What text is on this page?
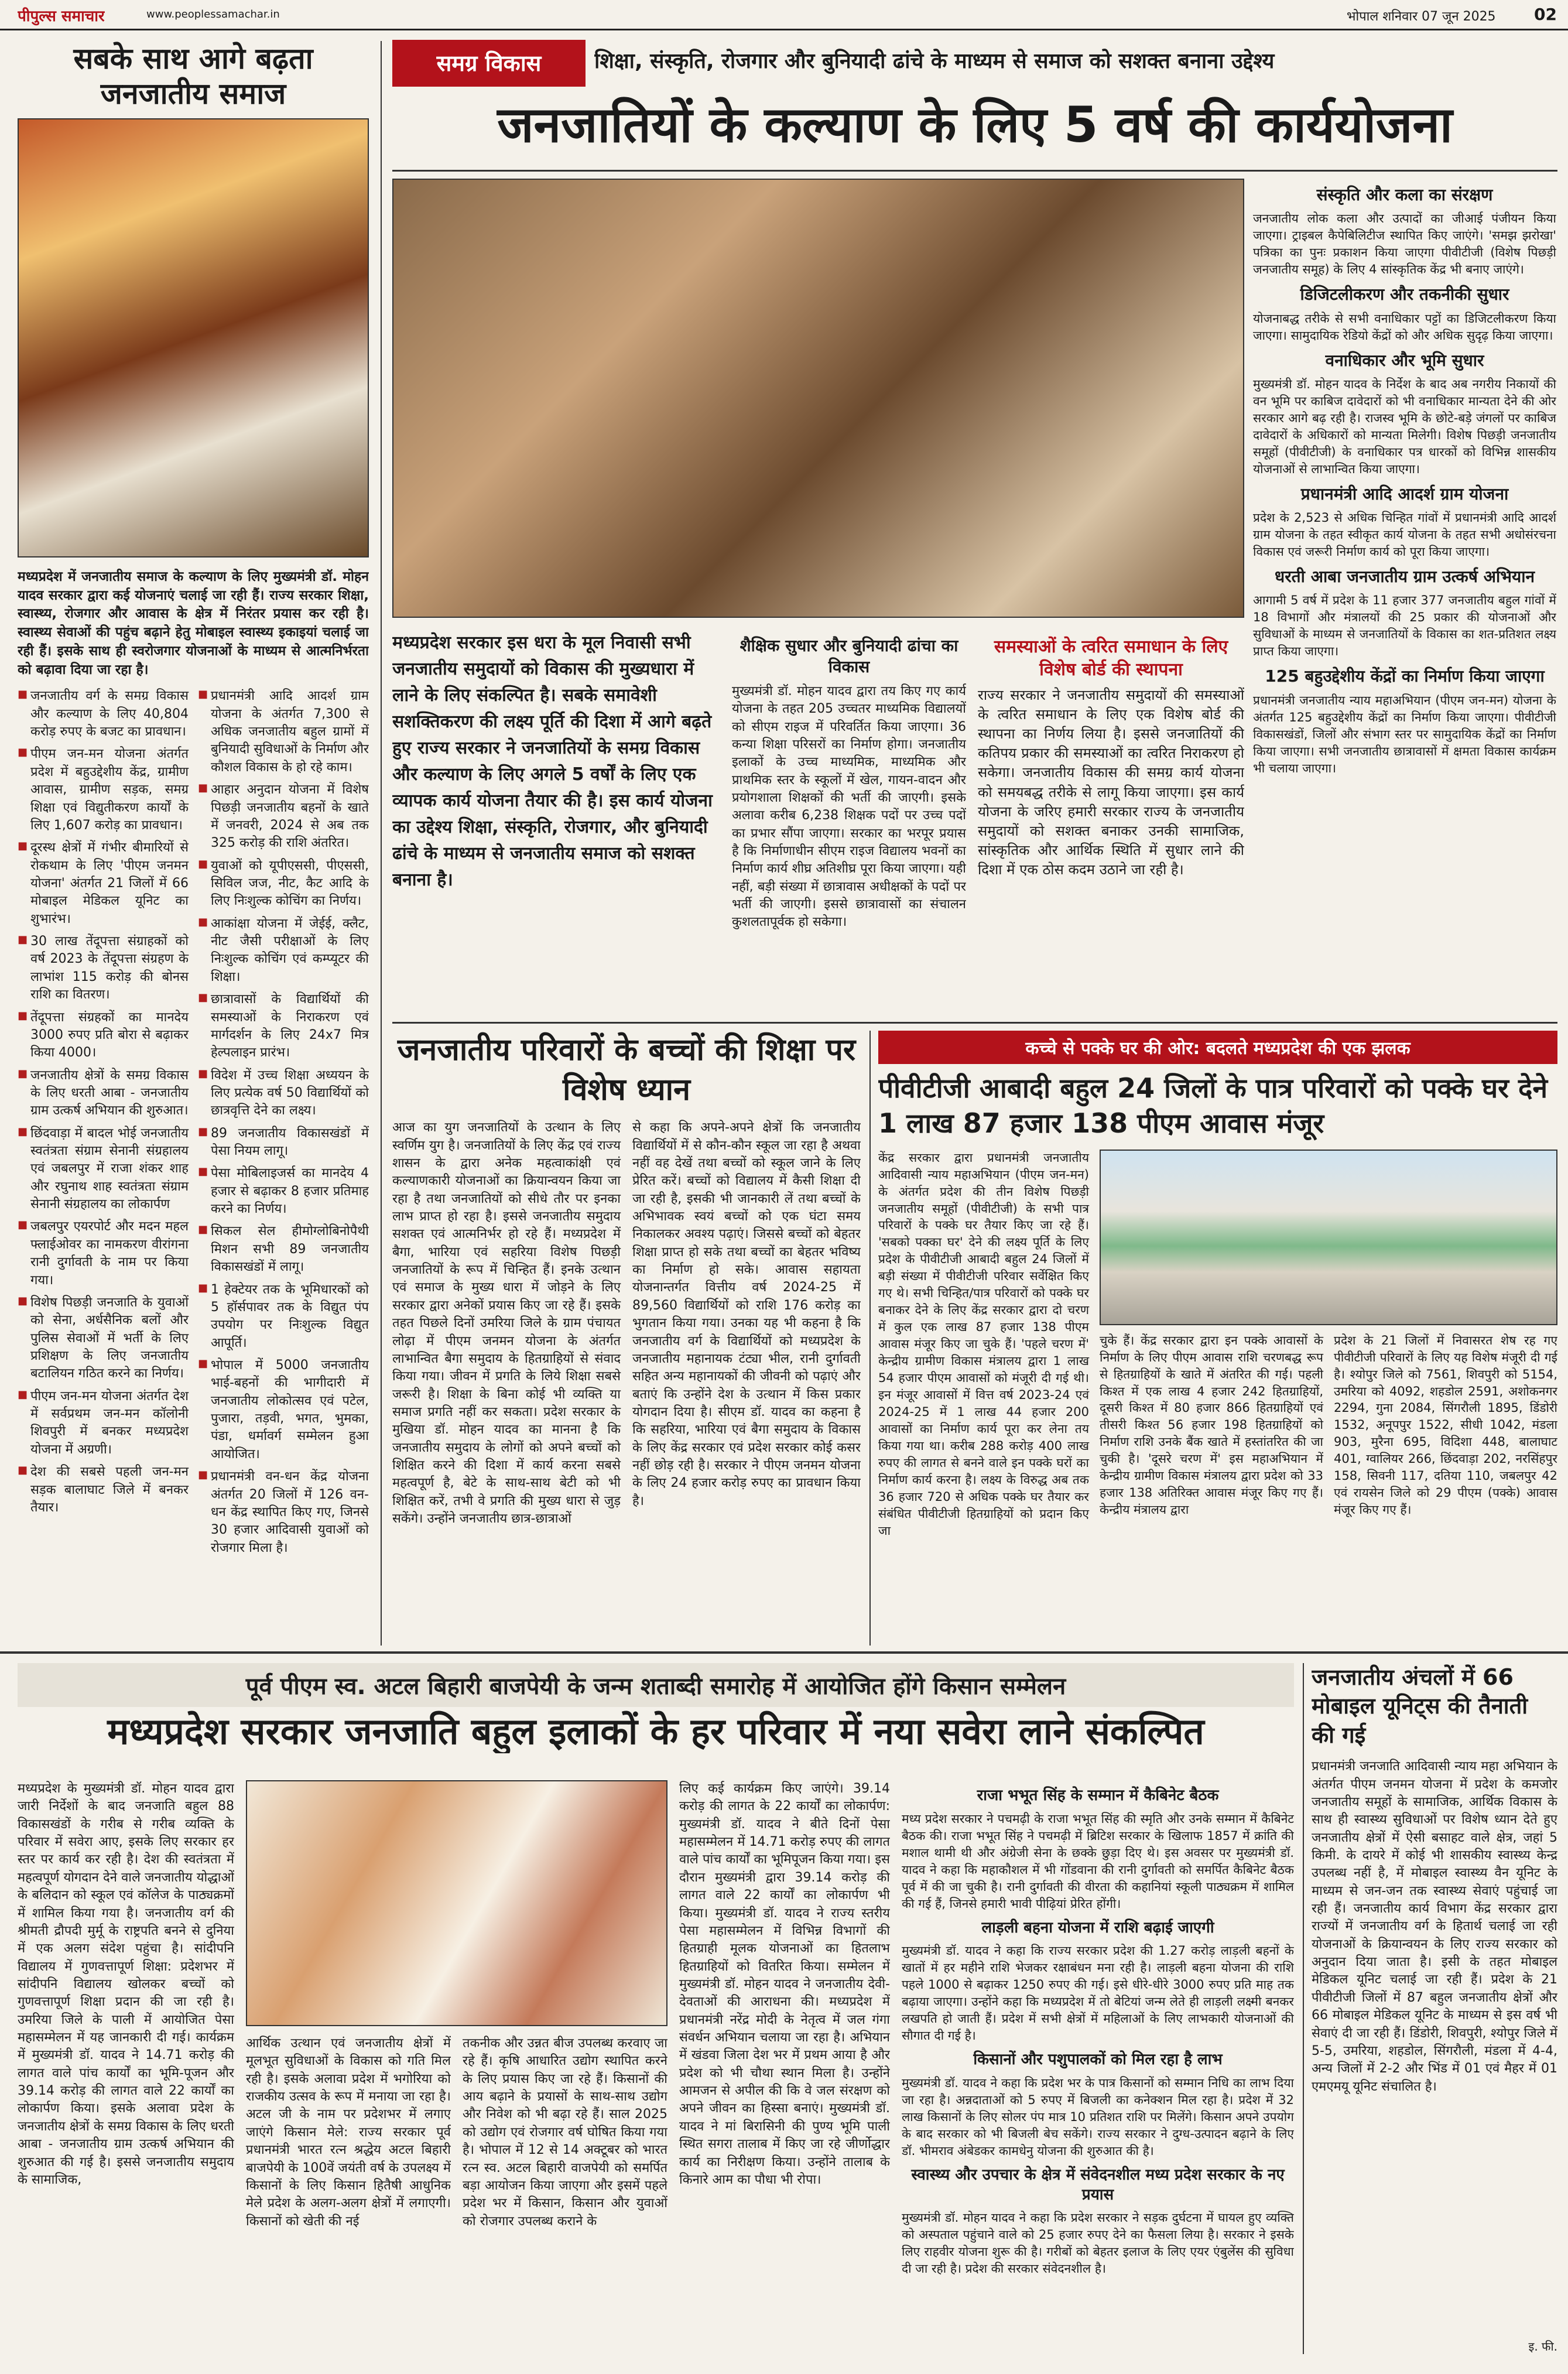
पीपुल्स समाचार	www.peoplessamachar.in	भोपाल शनिवार 07 जून 2025 02
सबके साथ आगे बढ़ता
जनजातीय समाज
मध्यप्रदेश में जनजातीय समाज के कल्याण के लिए मुख्यमंत्री डॉ. मोहन यादव सरकार द्वारा कई योजनाएं चलाई जा रही हैं। राज्य सरकार शिक्षा, स्वास्थ्य, रोजगार और आवास के क्षेत्र में निरंतर प्रयास कर रही है। स्वास्थ्य सेवाओं की पहुंच बढ़ाने हेतु मोबाइल स्वास्थ्य इकाइयां चलाई जा रही हैं। इसके साथ ही स्वरोजगार योजनाओं के माध्यम से आत्मनिर्भरता को बढ़ावा दिया जा रहा है।
■ जनजातीय वर्ग के समग्र विकास और कल्याण के लिए 40,804 करोड़ रुपए के बजट का प्रावधान।
■ पीएम जन-मन योजना अंतर्गत प्रदेश में बहुउद्देशीय केंद्र, ग्रामीण आवास, ग्रामीण सड़क, समग्र शिक्षा एवं विद्युतीकरण कार्यों के लिए 1,607 करोड़ का प्रावधान।
■ दूरस्थ क्षेत्रों में गंभीर बीमारियों से रोकथाम के लिए 'पीएम जनमन योजना' अंतर्गत 21 जिलों में 66 मोबाइल मेडिकल यूनिट का शुभारंभ।
■ 30 लाख तेंदूपत्ता संग्राहकों को वर्ष 2023 के तेंदूपत्ता संग्रहण के लाभांश 115 करोड़ की बोनस राशि का वितरण।
■ तेंदूपत्ता संग्रहकों का मानदेय 3000 रुपए प्रति बोरा से बढ़ाकर किया 4000।
■ जनजातीय क्षेत्रों के समग्र विकास के लिए धरती आबा - जनजातीय ग्राम उत्कर्ष अभियान की शुरुआत।
■ छिंदवाड़ा में बादल भोई जनजातीय स्वतंत्रता संग्राम सेनानी संग्रहालय एवं जबलपुर में राजा शंकर शाह और रघुनाथ शाह स्वतंत्रता संग्राम सेनानी संग्रहालय का लोकार्पण
■ जबलपुर एयरपोर्ट और मदन महल फ्लाईओवर का नामकरण वीरांगना रानी दुर्गावती के नाम पर किया गया।
■ विशेष पिछड़ी जनजाति के युवाओं को सेना, अर्धसैनिक बलों और पुलिस सेवाओं में भर्ती के लिए प्रशिक्षण के लिए जनजातीय बटालियन गठित करने का निर्णय।
■ पीएम जन-मन योजना अंतर्गत देश में सर्वप्रथम जन-मन कॉलोनी शिवपुरी में बनकर मध्यप्रदेश योजना में अग्रणी।
■ देश की सबसे पहली जन-मन सड़क बालाघाट जिले में बनकर तैयार।
■ प्रधानमंत्री आदि आदर्श ग्राम योजना के अंतर्गत 7,300 से अधिक जनजातीय बहुल ग्रामों में बुनियादी सुविधाओं के निर्माण और कौशल विकास के हो रहे काम।
■ आहार अनुदान योजना में विशेष पिछड़ी जनजातीय बहनों के खाते में जनवरी, 2024 से अब तक 325 करोड़ की राशि अंतरित।
■ युवाओं को यूपीएससी, पीएससी, सिविल जज, नीट, कैट आदि के लिए निःशुल्क कोचिंग का निर्णय।
■ आकांक्षा योजना में जेईई, क्लैट, नीट जैसी परीक्षाओं के लिए निःशुल्क कोचिंग एवं कम्प्यूटर की शिक्षा।
■ छात्रावासों के विद्यार्थियों की समस्याओं के निराकरण एवं मार्गदर्शन के लिए 24x7 मित्र हेल्पलाइन प्रारंभ।
■ विदेश में उच्च शिक्षा अध्ययन के लिए प्रत्येक वर्ष 50 विद्यार्थियों को छात्रवृत्ति देने का लक्ष्य।
■ 89 जनजातीय विकासखंडों में पेसा नियम लागू।
■ पेसा मोबिलाइजर्स का मानदेय 4 हजार से बढ़ाकर 8 हजार प्रतिमाह करने का निर्णय।
■ सिकल सेल हीमोग्लोबिनोपैथी मिशन सभी 89 जनजातीय विकासखंडों में लागू।
■ 1 हेक्टेयर तक के भूमिधारकों को 5 हॉर्सपावर तक के विद्युत पंप उपयोग पर निःशुल्क विद्युत आपूर्ति।
■ भोपाल में 5000 जनजातीय भाई-बहनों की भागीदारी में जनजातीय लोकोत्सव एवं पटेल, पुजारा, तड़वी, भगत, भुमका, पंडा, धर्मावर्ग सम्मेलन हुआ आयोजित।
■ प्रधानमंत्री वन-धन केंद्र योजना अंतर्गत 20 जिलों में 126 वन-धन केंद्र स्थापित किए गए, जिनसे 30 हजार आदिवासी युवाओं को रोजगार मिला है।
समग्र विकास	शिक्षा, संस्कृति, रोजगार और बुनियादी ढांचे के माध्यम से समाज को सशक्त बनाना उद्देश्य
जनजातियों के कल्याण के लिए 5 वर्ष की कार्ययोजना
संस्कृति और कला का संरक्षण
जनजातीय लोक कला और उत्पादों का जीआई पंजीयन किया जाएगा। ट्राइबल कैपेबिलिटीज स्थापित किए जाएंगे। 'समझ झरोखा' पत्रिका का पुनः प्रकाशन किया जाएगा पीवीटीजी (विशेष पिछड़ी जनजातीय समूह) के लिए 4 सांस्कृतिक केंद्र भी बनाए जाएंगे।
डिजिटलीकरण और तकनीकी सुधार
योजनाबद्ध तरीके से सभी वनाधिकार पट्टों का डिजिटलीकरण किया जाएगा। सामुदायिक रेडियो केंद्रों को और अधिक सुदृढ़ किया जाएगा।
वनाधिकार और भूमि सुधार
मुख्यमंत्री डॉ. मोहन यादव के निर्देश के बाद अब नगरीय निकायों की वन भूमि पर काबिज दावेदारों को भी वनाधिकार मान्यता देने की ओर सरकार आगे बढ़ रही है। राजस्व भूमि के छोटे-बड़े जंगलों पर काबिज दावेदारों के अधिकारों को मान्यता मिलेगी। विशेष पिछड़ी जनजातीय समूहों (पीवीटीजी) के वनाधिकार पत्र धारकों को विभिन्न शासकीय योजनाओं से लाभान्वित किया जाएगा।
प्रधानमंत्री आदि आदर्श ग्राम योजना
प्रदेश के 2,523 से अधिक चिन्हित गांवों में प्रधानमंत्री आदि आदर्श ग्राम योजना के तहत स्वीकृत कार्य योजना के तहत सभी अधोसंरचना विकास एवं जरूरी निर्माण कार्य को पूरा किया जाएगा।
धरती आबा जनजातीय ग्राम उत्कर्ष अभियान
आगामी 5 वर्ष में प्रदेश के 11 हजार 377 जनजातीय बहुल गांवों में 18 विभागों और मंत्रालयों की 25 प्रकार की योजनाओं और सुविधाओं के माध्यम से जनजातियों के विकास का शत-प्रतिशत लक्ष्य प्राप्त किया जाएगा।
125 बहुउद्देशीय केंद्रों का निर्माण किया जाएगा
प्रधानमंत्री जनजातीय न्याय महाअभियान (पीएम जन-मन) योजना के अंतर्गत 125 बहुउद्देशीय केंद्रों का निर्माण किया जाएगा। पीवीटीजी विकासखंडों, जिलों और संभाग स्तर पर सामुदायिक केंद्रों का निर्माण किया जाएगा। सभी जनजातीय छात्रावासों में क्षमता विकास कार्यक्रम भी चलाया जाएगा।
मध्यप्रदेश सरकार इस धरा के मूल निवासी सभी जनजातीय समुदायों को विकास की मुख्यधारा में लाने के लिए संकल्पित है। सबके समावेशी सशक्तिकरण की लक्ष्य पूर्ति की दिशा में आगे बढ़ते हुए राज्य सरकार ने जनजातियों के समग्र विकास और कल्याण के लिए अगले 5 वर्षों के लिए एक व्यापक कार्य योजना तैयार की है। इस कार्य योजना का उद्देश्य शिक्षा, संस्कृति, रोजगार, और बुनियादी ढांचे के माध्यम से जनजातीय समाज को सशक्त बनाना है।
शैक्षिक सुधार और बुनियादी ढांचा का विकास
मुख्यमंत्री डॉ. मोहन यादव द्वारा तय किए गए कार्य योजना के तहत 205 उच्चतर माध्यमिक विद्यालयों को सीएम राइज में परिवर्तित किया जाएगा। 36 कन्या शिक्षा परिसरों का निर्माण होगा। जनजातीय इलाकों के उच्च माध्यमिक, माध्यमिक और प्राथमिक स्तर के स्कूलों में खेल, गायन-वादन और प्रयोगशाला शिक्षकों की भर्ती की जाएगी। इसके अलावा करीब 6,238 शिक्षक पदों पर उच्च पदों का प्रभार सौंपा जाएगा। सरकार का भरपूर प्रयास है कि निर्माणाधीन सीएम राइज विद्यालय भवनों का निर्माण कार्य शीघ्र अतिशीघ्र पूरा किया जाएगा। यही नहीं, बड़ी संख्या में छात्रावास अधीक्षकों के पदों पर भर्ती की जाएगी। इससे छात्रावासों का संचालन कुशलतापूर्वक हो सकेगा।
समस्याओं के त्वरित समाधान के लिए विशेष बोर्ड की स्थापना
राज्य सरकार ने जनजातीय समुदायों की समस्याओं के त्वरित समाधान के लिए एक विशेष बोर्ड की स्थापना का निर्णय लिया है। इससे जनजातियों की कतिपय प्रकार की समस्याओं का त्वरित निराकरण हो सकेगा। जनजातीय विकास की समग्र कार्य योजना को समयबद्ध तरीके से लागू किया जाएगा। इस कार्य योजना के जरिए हमारी सरकार राज्य के जनजातीय समुदायों को सशक्त बनाकर उनकी सामाजिक, सांस्कृतिक और आर्थिक स्थिति में सुधार लाने की दिशा में एक ठोस कदम उठाने जा रही है।
जनजातीय परिवारों के बच्चों की शिक्षा पर विशेष ध्यान
आज का युग जनजातियों के उत्थान के लिए स्वर्णिम युग है। जनजातियों के लिए केंद्र एवं राज्य शासन के द्वारा अनेक महत्वाकांक्षी एवं कल्याणकारी योजनाओं का क्रियान्वयन किया जा रहा है तथा जनजातियों को सीधे तौर पर इनका लाभ प्राप्त हो रहा है। इससे जनजातीय समुदाय सशक्त एवं आत्मनिर्भर हो रहे हैं। मध्यप्रदेश में बैगा, भारिया एवं सहरिया विशेष पिछड़ी जनजातियों के रूप में चिन्हित हैं। इनके उत्थान एवं समाज के मुख्य धारा में जोड़ने के लिए सरकार द्वारा अनेकों प्रयास किए जा रहे हैं। इसके तहत पिछले दिनों उमरिया जिले के ग्राम पंचायत लोढ़ा में पीएम जनमन योजना के अंतर्गत लाभान्वित बैगा समुदाय के हितग्राहियों से संवाद किया गया। जीवन में प्रगति के लिये शिक्षा सबसे जरूरी है। शिक्षा के बिना कोई भी व्यक्ति या समाज प्रगति नहीं कर सकता। प्रदेश सरकार के मुखिया डॉ. मोहन यादव का मानना है कि जनजातीय समुदाय के लोगों को अपने बच्चों को शिक्षित करने की दिशा में कार्य करना सबसे महत्वपूर्ण है, बेटे के साथ-साथ बेटी को भी शिक्षित करें, तभी वे प्रगति की मुख्य धारा से जुड़ सकेंगे। उन्होंने जनजातीय छात्र-छात्राओं
से कहा कि अपने-अपने क्षेत्रों कि जनजातीय विद्यार्थियों में से कौन-कौन स्कूल जा रहा है अथवा नहीं वह देखें तथा बच्चों को स्कूल जाने के लिए प्रेरित करें। बच्चों को विद्यालय में कैसी शिक्षा दी जा रही है, इसकी भी जानकारी लें तथा बच्चों के अभिभावक स्वयं बच्चों को एक घंटा समय निकालकर अवश्य पढ़ाएं। जिससे बच्चों को बेहतर शिक्षा प्राप्त हो सके तथा बच्चों का बेहतर भविष्य का निर्माण हो सके। आवास सहायता योजनान्तर्गत वित्तीय वर्ष 2024-25 में 89,560 विद्यार्थियों को राशि 176 करोड़ का भुगतान किया गया। उनका यह भी कहना है कि जनजातीय वर्ग के विद्यार्थियों को मध्यप्रदेश के जनजातीय महानायक टंट्या भील, रानी दुर्गावती सहित अन्य महानायकों की जीवनी को पढ़ाएं और बताएं कि उन्होंने देश के उत्थान में किस प्रकार योगदान दिया है। सीएम डॉ. यादव का कहना है कि सहरिया, भारिया एवं बैगा समुदाय के विकास के लिए केंद्र सरकार एवं प्रदेश सरकार कोई कसर नहीं छोड़ रही है। सरकार ने पीएम जनमन योजना के लिए 24 हजार करोड़ रुपए का प्रावधान किया है।
कच्चे से पक्के घर की ओर: बदलते मध्यप्रदेश की एक झलक
पीवीटीजी आबादी बहुल 24 जिलों के पात्र परिवारों को पक्के घर देने 1 लाख 87 हजार 138 पीएम आवास मंजूर
केंद्र सरकार द्वारा प्रधानमंत्री जनजातीय आदिवासी न्याय महाअभियान (पीएम जन-मन) के अंतर्गत प्रदेश की तीन विशेष पिछड़ी जनजातीय समूहों (पीवीटीजी) के सभी पात्र परिवारों के पक्के घर तैयार किए जा रहे हैं। 'सबको पक्का घर' देने की लक्ष्य पूर्ति के लिए प्रदेश के पीवीटीजी आबादी बहुल 24 जिलों में बड़ी संख्या में पीवीटीजी परिवार सर्वेक्षित किए गए थे। सभी चिन्हित/पात्र परिवारों को पक्के घर बनाकर देने के लिए केंद्र सरकार द्वारा दो चरण में कुल एक लाख 87 हजार 138 पीएम आवास मंजूर किए जा चुके हैं। 'पहले चरण में' केन्द्रीय ग्रामीण विकास मंत्रालय द्वारा 1 लाख 54 हजार पीएम आवासों को मंजूरी दी गई थी। इन मंजूर आवासों में वित्त वर्ष 2023-24 एवं 2024-25 में 1 लाख 44 हजार 200 आवासों का निर्माण कार्य पूरा कर लेना तय किया गया था। करीब 288 करोड़ 400 लाख रुपए की लागत से बनने वाले इन पक्के घरों का निर्माण कार्य करना है। लक्ष्य के विरुद्ध अब तक 36 हजार 720 से अधिक पक्के घर तैयार कर संबंधित पीवीटीजी हितग्राहियों को प्रदान किए जा
चुके हैं। केंद्र सरकार द्वारा इन पक्के आवासों के निर्माण के लिए पीएम आवास राशि चरणबद्ध रूप से हितग्राहियों के खाते में अंतरित की गई। पहली किश्त में एक लाख 4 हजार 242 हितग्राहियों, दूसरी किश्त में 80 हजार 866 हितग्राहियों एवं तीसरी किश्त 56 हजार 198 हितग्राहियों को निर्माण राशि उनके बैंक खाते में हस्तांतरित की जा चुकी है। 'दूसरे चरण में' इस महाअभियान में केन्द्रीय ग्रामीण विकास मंत्रालय द्वारा प्रदेश को 33 हजार 138 अतिरिक्त आवास मंजूर किए गए हैं। केन्द्रीय मंत्रालय द्वारा
प्रदेश के 21 जिलों में निवासरत शेष रह गए पीवीटीजी परिवारों के लिए यह विशेष मंजूरी दी गई है। श्योपुर जिले को 7561, शिवपुरी को 5154, उमरिया को 4092, शहडोल 2591, अशोकनगर 2294, गुना 2084, सिंगरौली 1895, डिंडोरी 1532, अनूपपुर 1522, सीधी 1042, मंडला 903, मुरैना 695, विदिशा 448, बालाघाट 401, ग्वालियर 266, छिंदवाड़ा 202, नरसिंहपुर 158, सिवनी 117, दतिया 110, जबलपुर 42 एवं रायसेन जिले को 29 पीएम (पक्के) आवास मंजूर किए गए हैं।
पूर्व पीएम स्व. अटल बिहारी बाजपेयी के जन्म शताब्दी समारोह में आयोजित होंगे किसान सम्मेलन
मध्यप्रदेश सरकार जनजाति बहुल इलाकों के हर परिवार में नया सवेरा लाने संकल्पित
मध्यप्रदेश के मुख्यमंत्री डॉ. मोहन यादव द्वारा जारी निर्देशों के बाद जनजाति बहुल 88 विकासखंडों के गरीब से गरीब व्यक्ति के परिवार में सवेरा आए, इसके लिए सरकार हर स्तर पर कार्य कर रही है। देश की स्वतंत्रता में महत्वपूर्ण योगदान देने वाले जनजातीय योद्धाओं के बलिदान को स्कूल एवं कॉलेज के पाठ्यक्रमों में शामिल किया गया है। जनजातीय वर्ग की श्रीमती द्रौपदी मुर्मू के राष्ट्रपति बनने से दुनिया में एक अलग संदेश पहुंचा है। सांदीपनि विद्यालय में गुणवत्तापूर्ण शिक्षा: प्रदेशभर में सांदीपनि विद्यालय खोलकर बच्चों को गुणवत्तापूर्ण शिक्षा प्रदान की जा रही है। उमरिया जिले के पाली में आयोजित पेसा महासम्मेलन में यह जानकारी दी गई। कार्यक्रम में मुख्यमंत्री डॉ. यादव ने 14.71 करोड़ की लागत वाले पांच कार्यों का भूमि-पूजन और 39.14 करोड़ की लागत वाले 22 कार्यों का लोकार्पण किया। इसके अलावा प्रदेश के जनजातीय क्षेत्रों के समग्र विकास के लिए धरती आबा - जनजातीय ग्राम उत्कर्ष अभियान की शुरुआत की गई है। इससे जनजातीय समुदाय के सामाजिक,
आर्थिक उत्थान एवं जनजातीय क्षेत्रों में मूलभूत सुविधाओं के विकास को गति मिल रही है। इसके अलावा प्रदेश में भगोरिया को राजकीय उत्सव के रूप में मनाया जा रहा है। अटल जी के नाम पर प्रदेशभर में लगाए जाएंगे किसान मेले: राज्य सरकार पूर्व प्रधानमंत्री भारत रत्न श्रद्धेय अटल बिहारी बाजपेयी के 100वें जयंती वर्ष के उपलक्ष्य में किसानों के लिए किसान हितैषी आधुनिक मेले प्रदेश के अलग-अलग क्षेत्रों में लगाएगी। किसानों को खेती की नई
तकनीक और उन्नत बीज उपलब्ध करवाए जा रहे हैं। कृषि आधारित उद्योग स्थापित करने के लिए प्रयास किए जा रहे हैं। किसानों की आय बढ़ाने के प्रयासों के साथ-साथ उद्योग और निवेश को भी बढ़ा रहे हैं। साल 2025 को उद्योग एवं रोजगार वर्ष घोषित किया गया है। भोपाल में 12 से 14 अक्टूबर को भारत रत्न स्व. अटल बिहारी वाजपेयी को समर्पित बड़ा आयोजन किया जाएगा और इसमें पहले प्रदेश भर में किसान, किसान और युवाओं को रोजगार उपलब्ध कराने के
लिए कई कार्यक्रम किए जाएंगे। 39.14 करोड़ की लागत के 22 कार्यों का लोकार्पण: मुख्यमंत्री डॉ. यादव ने बीते दिनों पेसा महासम्मेलन में 14.71 करोड़ रुपए की लागत वाले पांच कार्यों का भूमिपूजन किया गया। इस दौरान मुख्यमंत्री द्वारा 39.14 करोड़ की लागत वाले 22 कार्यों का लोकार्पण भी किया। मुख्यमंत्री डॉ. यादव ने राज्य स्तरीय पेसा महासम्मेलन में विभिन्न विभागों की हितग्राही मूलक योजनाओं का हितलाभ हितग्राहियों को वितरित किया। सम्मेलन में मुख्यमंत्री डॉ. मोहन यादव ने जनजातीय देवी-देवताओं की आराधना की। मध्यप्रदेश में प्रधानमंत्री नरेंद्र मोदी के नेतृत्व में जल गंगा संवर्धन अभियान चलाया जा रहा है। अभियान में खंडवा जिला देश भर में प्रथम आया है और प्रदेश को भी चौथा स्थान मिला है। उन्होंने आमजन से अपील की कि वे जल संरक्षण को अपने जीवन का हिस्सा बनाएं। मुख्यमंत्री डॉ. यादव ने मां बिरासिनी की पुण्य भूमि पाली स्थित सगरा तालाब में किए जा रहे जीर्णोद्धार कार्य का निरीक्षण किया। उन्होंने तालाब के किनारे आम का पौधा भी रोपा।
राजा भभूत सिंह के सम्मान में कैबिनेट बैठक
मध्य प्रदेश सरकार ने पचमढ़ी के राजा भभूत सिंह की स्मृति और उनके सम्मान में कैबिनेट बैठक की। राजा भभूत सिंह ने पचमढ़ी में ब्रिटिश सरकार के खिलाफ 1857 में क्रांति की मशाल थामी थी और अंग्रेजी सेना के छक्के छुड़ा दिए थे। इस अवसर पर मुख्यमंत्री डॉ. यादव ने कहा कि महाकौशल में भी गोंडवाना की रानी दुर्गावती को समर्पित कैबिनेट बैठक पूर्व में की जा चुकी है। रानी दुर्गावती की वीरता की कहानियां स्कूली पाठ्यक्रम में शामिल की गई हैं, जिनसे हमारी भावी पीढ़ियां प्रेरित होंगी।
लाड़ली बहना योजना में राशि बढ़ाई जाएगी
मुख्यमंत्री डॉ. यादव ने कहा कि राज्य सरकार प्रदेश की 1.27 करोड़ लाड़ली बहनों के खातों में हर महीने राशि भेजकर रक्षाबंधन मना रही है। लाड़ली बहना योजना की राशि पहले 1000 से बढ़ाकर 1250 रुपए की गई। इसे धीरे-धीरे 3000 रुपए प्रति माह तक बढ़ाया जाएगा। उन्होंने कहा कि मध्यप्रदेश में तो बेटियां जन्म लेते ही लाड़ली लक्ष्मी बनकर लखपति हो जाती हैं। प्रदेश में सभी क्षेत्रों में महिलाओं के लिए लाभकारी योजनाओं की सौगात दी गई है।
किसानों और पशुपालकों को मिल रहा है लाभ
मुख्यमंत्री डॉ. यादव ने कहा कि प्रदेश भर के पात्र किसानों को सम्मान निधि का लाभ दिया जा रहा है। अन्नदाताओं को 5 रुपए में बिजली का कनेक्शन मिल रहा है। प्रदेश में 32 लाख किसानों के लिए सोलर पंप मात्र 10 प्रतिशत राशि पर मिलेंगे। किसान अपने उपयोग के बाद सरकार को भी बिजली बेच सकेंगे। राज्य सरकार ने दुग्ध-उत्पादन बढ़ाने के लिए डॉ. भीमराव अंबेडकर कामधेनु योजना की शुरुआत की है।
स्वास्थ्य और उपचार के क्षेत्र में संवेदनशील मध्य प्रदेश सरकार के नए प्रयास
मुख्यमंत्री डॉ. मोहन यादव ने कहा कि प्रदेश सरकार ने सड़क दुर्घटना में घायल हुए व्यक्ति को अस्पताल पहुंचाने वाले को 25 हजार रुपए देने का फैसला लिया है। सरकार ने इसके लिए राहवीर योजना शुरू की है। गरीबों को बेहतर इलाज के लिए एयर एंबुलेंस की सुविधा दी जा रही है। प्रदेश की सरकार संवेदनशील है।
जनजातीय अंचलों में 66 मोबाइल यूनिट्स की तैनाती की गई
प्रधानमंत्री जनजाति आदिवासी न्याय महा अभियान के अंतर्गत पीएम जनमन योजना में प्रदेश के कमजोर जनजातीय समूहों के सामाजिक, आर्थिक विकास के साथ ही स्वास्थ्य सुविधाओं पर विशेष ध्यान देते हुए जनजातीय क्षेत्रों में ऐसी बसाहट वाले क्षेत्र, जहां 5 किमी. के दायरे में कोई भी शासकीय स्वास्थ्य केन्द्र उपलब्ध नहीं है, में मोबाइल स्वास्थ्य वैन यूनिट के माध्यम से जन-जन तक स्वास्थ्य सेवाएं पहुंचाई जा रही हैं। जनजातीय कार्य विभाग केंद्र सरकार द्वारा राज्यों में जनजातीय वर्ग के हितार्थ चलाई जा रही योजनाओं के क्रियान्वयन के लिए राज्य सरकार को अनुदान दिया जाता है। इसी के तहत मोबाइल मेडिकल यूनिट चलाई जा रही हैं। प्रदेश के 21 पीवीटीजी जिलों में 87 बहुल जनजातीय क्षेत्रों और 66 मोबाइल मेडिकल यूनिट के माध्यम से इस वर्ष भी सेवाएं दी जा रही हैं। डिंडोरी, शिवपुरी, श्योपुर जिले में 5-5, उमरिया, शहडोल, सिंगरौली, मंडला में 4-4, अन्य जिलों में 2-2 और भिंड में 01 एवं मैहर में 01 एमएमयू यूनिट संचालित है।
इ. फी.
